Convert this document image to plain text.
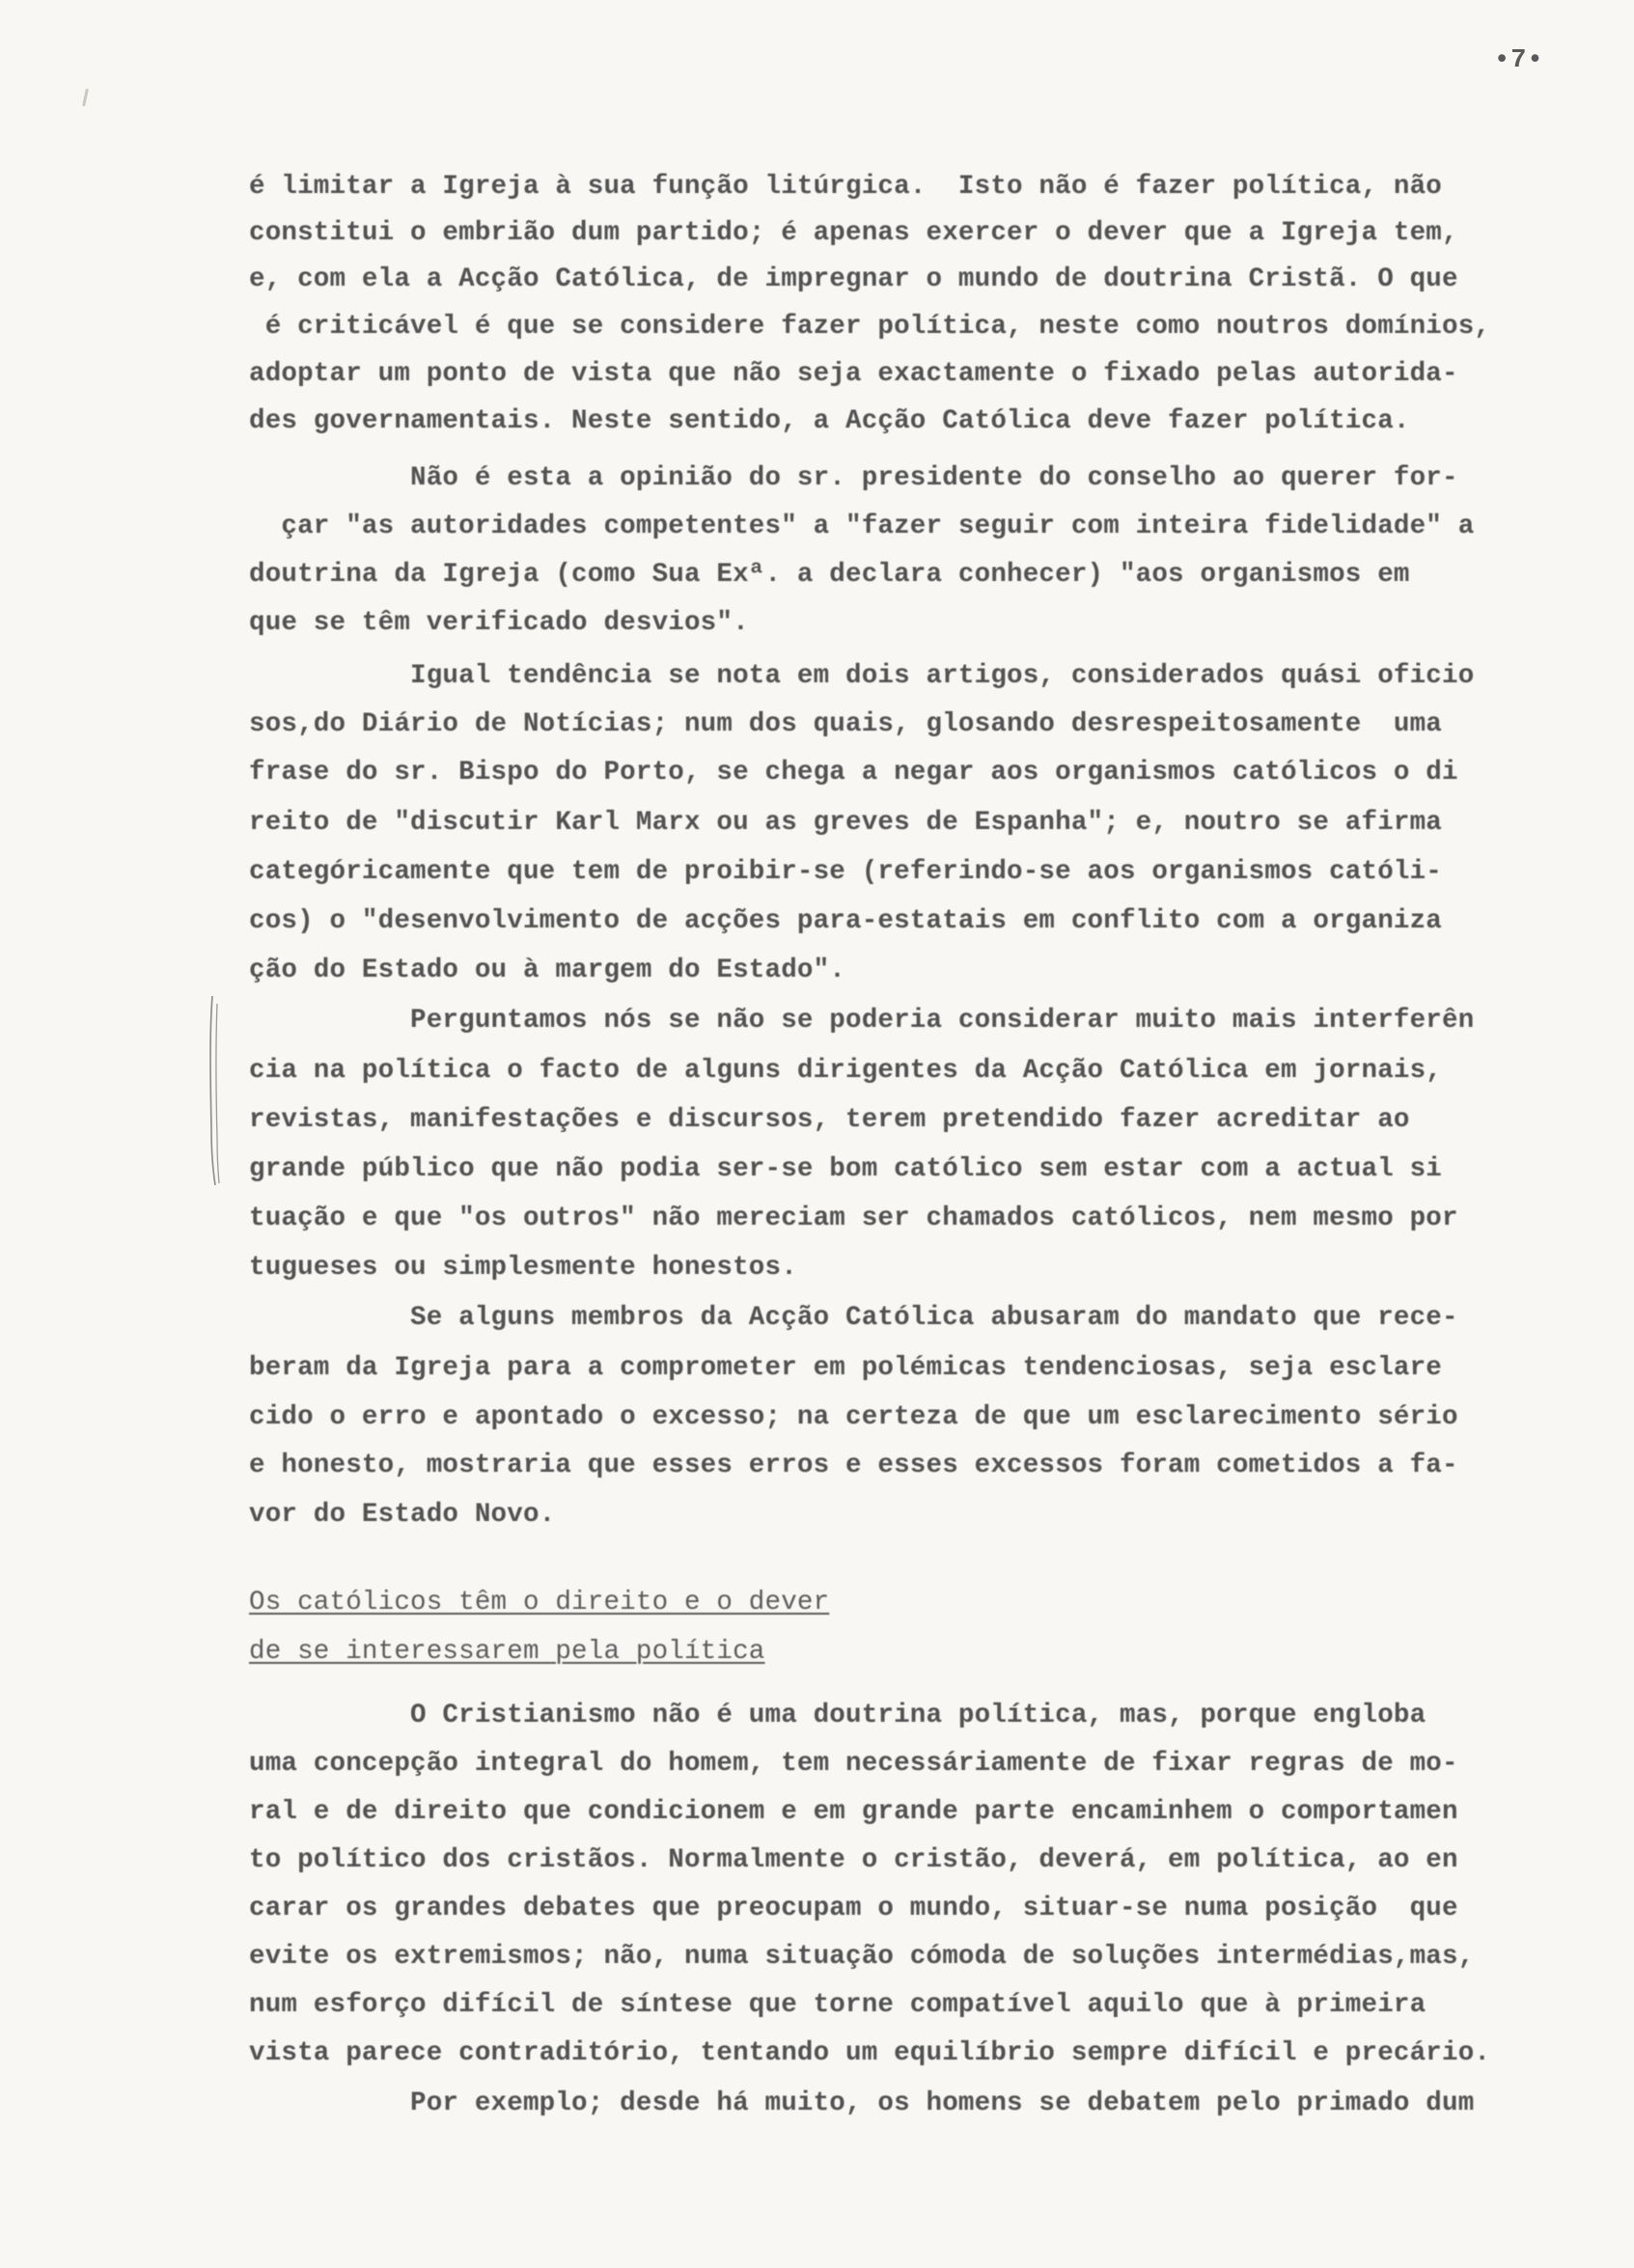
•7•
é limitar a Igreja à sua função litúrgica.  Isto não é fazer política, não
constitui o embrião dum partido; é apenas exercer o dever que a Igreja tem,
e, com ela a Acção Católica, de impregnar o mundo de doutrina Cristã. O que
é criticável é que se considere fazer política, neste como noutros domínios,
adoptar um ponto de vista que não seja exactamente o fixado pelas autorida-
des governamentais. Neste sentido, a Acção Católica deve fazer política.
Não é esta a opinião do sr. presidente do conselho ao querer for-
çar "as autoridades competentes" a "fazer seguir com inteira fidelidade" a
doutrina da Igreja (como Sua Exª. a declara conhecer) "aos organismos em
que se têm verificado desvios".
Igual tendência se nota em dois artigos, considerados quási oficio
sos,do Diário de Notícias; num dos quais, glosando desrespeitosamente  uma
frase do sr. Bispo do Porto, se chega a negar aos organismos católicos o di
reito de "discutir Karl Marx ou as greves de Espanha"; e, noutro se afirma
categóricamente que tem de proibir-se (referindo-se aos organismos católi-
cos) o "desenvolvimento de acções para-estatais em conflito com a organiza
ção do Estado ou à margem do Estado".
Perguntamos nós se não se poderia considerar muito mais interferên
cia na política o facto de alguns dirigentes da Acção Católica em jornais,
revistas, manifestações e discursos, terem pretendido fazer acreditar ao
grande público que não podia ser-se bom católico sem estar com a actual si
tuação e que "os outros" não mereciam ser chamados católicos, nem mesmo por
tugueses ou simplesmente honestos.
Se alguns membros da Acção Católica abusaram do mandato que rece-
beram da Igreja para a comprometer em polémicas tendenciosas, seja esclare
cido o erro e apontado o excesso; na certeza de que um esclarecimento sério
e honesto, mostraria que esses erros e esses excessos foram cometidos a fa-
vor do Estado Novo.
Os católicos têm o direito e o dever
de se interessarem pela política
O Cristianismo não é uma doutrina política, mas, porque engloba
uma concepção integral do homem, tem necessáriamente de fixar regras de mo-
ral e de direito que condicionem e em grande parte encaminhem o comportamen
to político dos cristãos. Normalmente o cristão, deverá, em política, ao en
carar os grandes debates que preocupam o mundo, situar-se numa posição  que
evite os extremismos; não, numa situação cómoda de soluções intermédias,mas,
num esforço difícil de síntese que torne compatível aquilo que à primeira
vista parece contraditório, tentando um equilíbrio sempre difícil e precário.
Por exemplo; desde há muito, os homens se debatem pelo primado dum
